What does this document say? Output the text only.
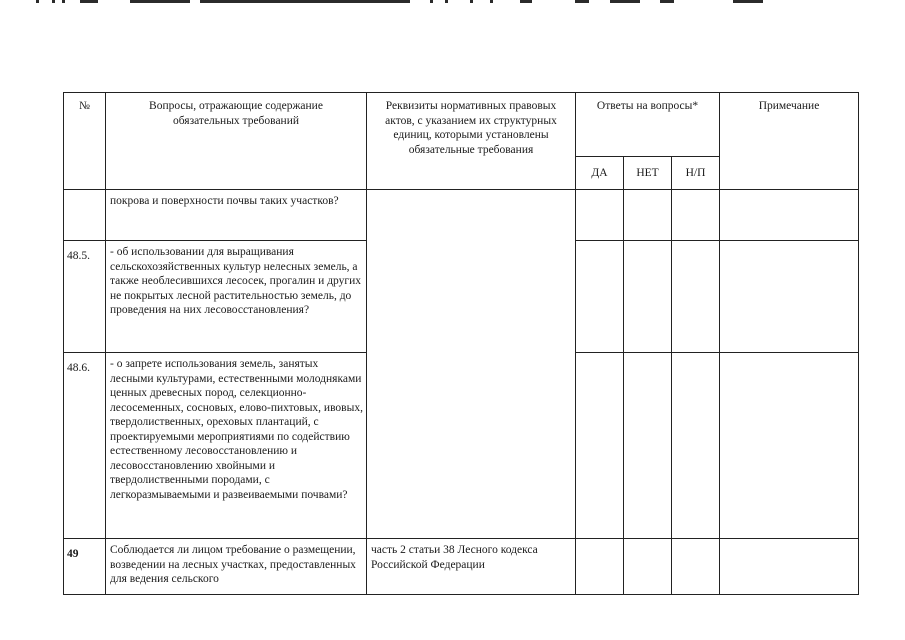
№	Вопросы, отражающие содержание обязательных требований	Реквизиты нормативных правовых актов, с указанием их структурных единиц, которыми установлены обязательные требования	Ответы на вопросы*			Примечание
			ДА	НЕТ	Н/П	
	покрова и поверхности почвы таких участков?					
48.5.	- об использовании для выращивания сельскохозяйственных культур нелесных земель, а также необлесившихся лесосек, прогалин и других не покрытых лесной растительностью земель, до проведения на них лесовосстановления?					
48.6.	- о запрете использования земель, занятых лесными культурами, естественными молодняками ценных древесных пород, селекционно-лесосеменных, сосновых, елово-пихтовых, ивовых, твердолиственных, ореховых плантаций, с проектируемыми мероприятиями по содействию естественному лесовосстановлению и лесовосстановлению хвойными и твердолиственными породами, с легкоразмываемыми и развеиваемыми почвами?					
49	Соблюдается ли лицом требование о размещении, возведении на лесных участках, предоставленных для ведения сельского	часть 2 статьи 38 Лесного кодекса Российской Федерации				
